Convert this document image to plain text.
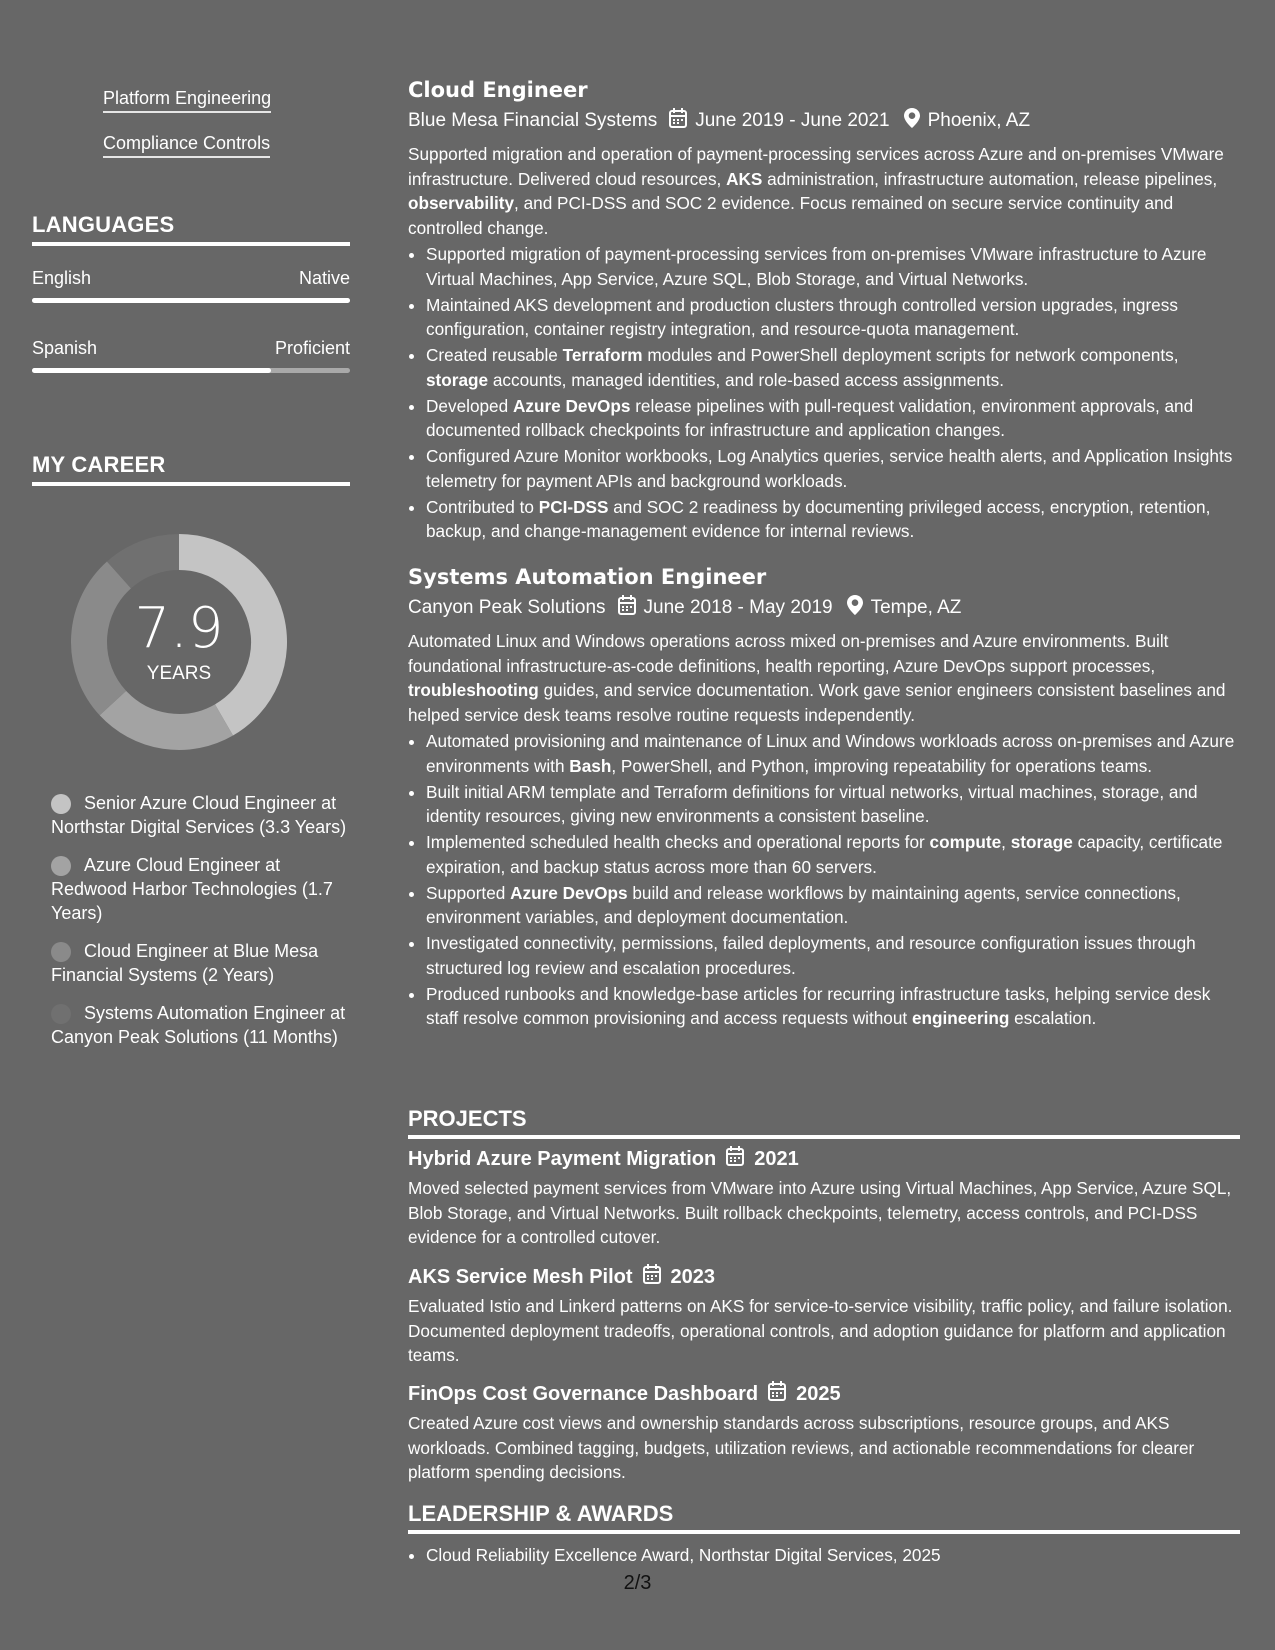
Platform Engineering
Compliance Controls
LANGUAGES
English	Native
Spanish	Proficient
MY CAREER
7.9
YEARS
Senior Azure Cloud Engineer at Northstar Digital Services (3.3 Years)
Azure Cloud Engineer at Redwood Harbor Technologies (1.7 Years)
Cloud Engineer at Blue Mesa Financial Systems (2 Years)
Systems Automation Engineer at Canyon Peak Solutions (11 Months)
Cloud Engineer
Blue Mesa Financial Systems June 2019 - June 2021 Phoenix, AZ
Supported migration and operation of payment-processing services across Azure and on-premises VMware infrastructure. Delivered cloud resources, AKS administration, infrastructure automation, release pipelines, observability, and PCI-DSS and SOC 2 evidence. Focus remained on secure service continuity and controlled change.
• Supported migration of payment-processing services from on-premises VMware infrastructure to Azure Virtual Machines, App Service, Azure SQL, Blob Storage, and Virtual Networks.
• Maintained AKS development and production clusters through controlled version upgrades, ingress configuration, container registry integration, and resource-quota management.
• Created reusable Terraform modules and PowerShell deployment scripts for network components, storage accounts, managed identities, and role-based access assignments.
• Developed Azure DevOps release pipelines with pull-request validation, environment approvals, and documented rollback checkpoints for infrastructure and application changes.
• Configured Azure Monitor workbooks, Log Analytics queries, service health alerts, and Application Insights telemetry for payment APIs and background workloads.
• Contributed to PCI-DSS and SOC 2 readiness by documenting privileged access, encryption, retention, backup, and change-management evidence for internal reviews.
Systems Automation Engineer
Canyon Peak Solutions June 2018 - May 2019 Tempe, AZ
Automated Linux and Windows operations across mixed on-premises and Azure environments. Built foundational infrastructure-as-code definitions, health reporting, Azure DevOps support processes, troubleshooting guides, and service documentation. Work gave senior engineers consistent baselines and helped service desk teams resolve routine requests independently.
• Automated provisioning and maintenance of Linux and Windows workloads across on-premises and Azure environments with Bash, PowerShell, and Python, improving repeatability for operations teams.
• Built initial ARM template and Terraform definitions for virtual networks, virtual machines, storage, and identity resources, giving new environments a consistent baseline.
• Implemented scheduled health checks and operational reports for compute, storage capacity, certificate expiration, and backup status across more than 60 servers.
• Supported Azure DevOps build and release workflows by maintaining agents, service connections, environment variables, and deployment documentation.
• Investigated connectivity, permissions, failed deployments, and resource configuration issues through structured log review and escalation procedures.
• Produced runbooks and knowledge-base articles for recurring infrastructure tasks, helping service desk staff resolve common provisioning and access requests without engineering escalation.
PROJECTS
Hybrid Azure Payment Migration 2021
Moved selected payment services from VMware into Azure using Virtual Machines, App Service, Azure SQL, Blob Storage, and Virtual Networks. Built rollback checkpoints, telemetry, access controls, and PCI-DSS evidence for a controlled cutover.
AKS Service Mesh Pilot 2023
Evaluated Istio and Linkerd patterns on AKS for service-to-service visibility, traffic policy, and failure isolation. Documented deployment tradeoffs, operational controls, and adoption guidance for platform and application teams.
FinOps Cost Governance Dashboard 2025
Created Azure cost views and ownership standards across subscriptions, resource groups, and AKS workloads. Combined tagging, budgets, utilization reviews, and actionable recommendations for clearer platform spending decisions.
LEADERSHIP & AWARDS
• Cloud Reliability Excellence Award, Northstar Digital Services, 2025
2/3
